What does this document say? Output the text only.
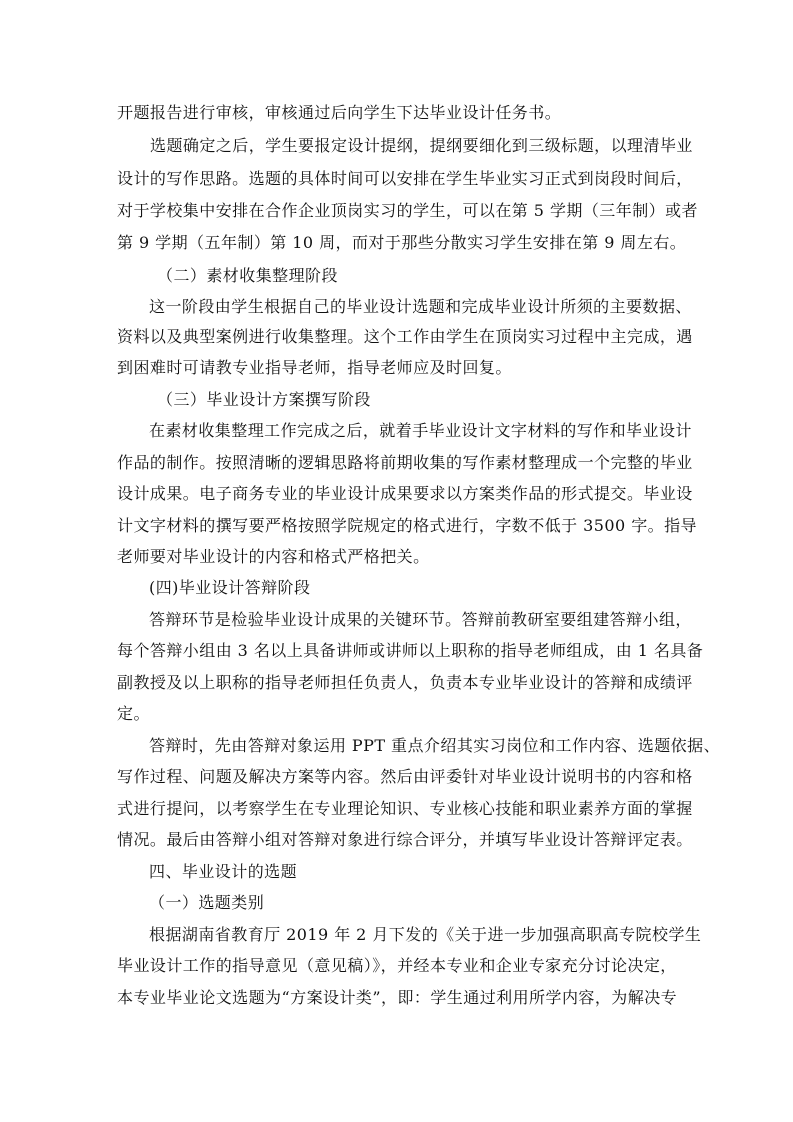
开题报告进行审核，审核通过后向学生下达毕业设计任务书。
选题确定之后，学生要报定设计提纲，提纲要细化到三级标题，以理清毕业
设计的写作思路。选题的具体时间可以安排在学生毕业实习正式到岗段时间后，
对于学校集中安排在合作企业顶岗实习的学生，可以在第 5 学期（三年制）或者
第 9 学期（五年制）第 10 周，而对于那些分散实习学生安排在第 9 周左右。
（二）素材收集整理阶段
这一阶段由学生根据自己的毕业设计选题和完成毕业设计所须的主要数据、
资料以及典型案例进行收集整理。这个工作由学生在顶岗实习过程中主完成，遇
到困难时可请教专业指导老师，指导老师应及时回复。
（三）毕业设计方案撰写阶段
在素材收集整理工作完成之后，就着手毕业设计文字材料的写作和毕业设计
作品的制作。按照清晰的逻辑思路将前期收集的写作素材整理成一个完整的毕业
设计成果。电子商务专业的毕业设计成果要求以方案类作品的形式提交。毕业设
计文字材料的撰写要严格按照学院规定的格式进行，字数不低于 3500 字。指导
老师要对毕业设计的内容和格式严格把关。
(四)毕业设计答辩阶段
答辩环节是检验毕业设计成果的关键环节。答辩前教研室要组建答辩小组，
每个答辩小组由 3 名以上具备讲师或讲师以上职称的指导老师组成，由 1 名具备
副教授及以上职称的指导老师担任负责人，负责本专业毕业设计的答辩和成绩评
定。
答辩时，先由答辩对象运用 PPT 重点介绍其实习岗位和工作内容、选题依据、
写作过程、问题及解决方案等内容。然后由评委针对毕业设计说明书的内容和格
式进行提问，以考察学生在专业理论知识、专业核心技能和职业素养方面的掌握
情况。最后由答辩小组对答辩对象进行综合评分，并填写毕业设计答辩评定表。
四、毕业设计的选题
（一）选题类别
根据湖南省教育厅 2019 年 2 月下发的《关于进一步加强高职高专院校学生
毕业设计工作的指导意见（意见稿）》，并经本专业和企业专家充分讨论决定，
本专业毕业论文选题为“方案设计类”，即：学生通过利用所学内容，为解决专
